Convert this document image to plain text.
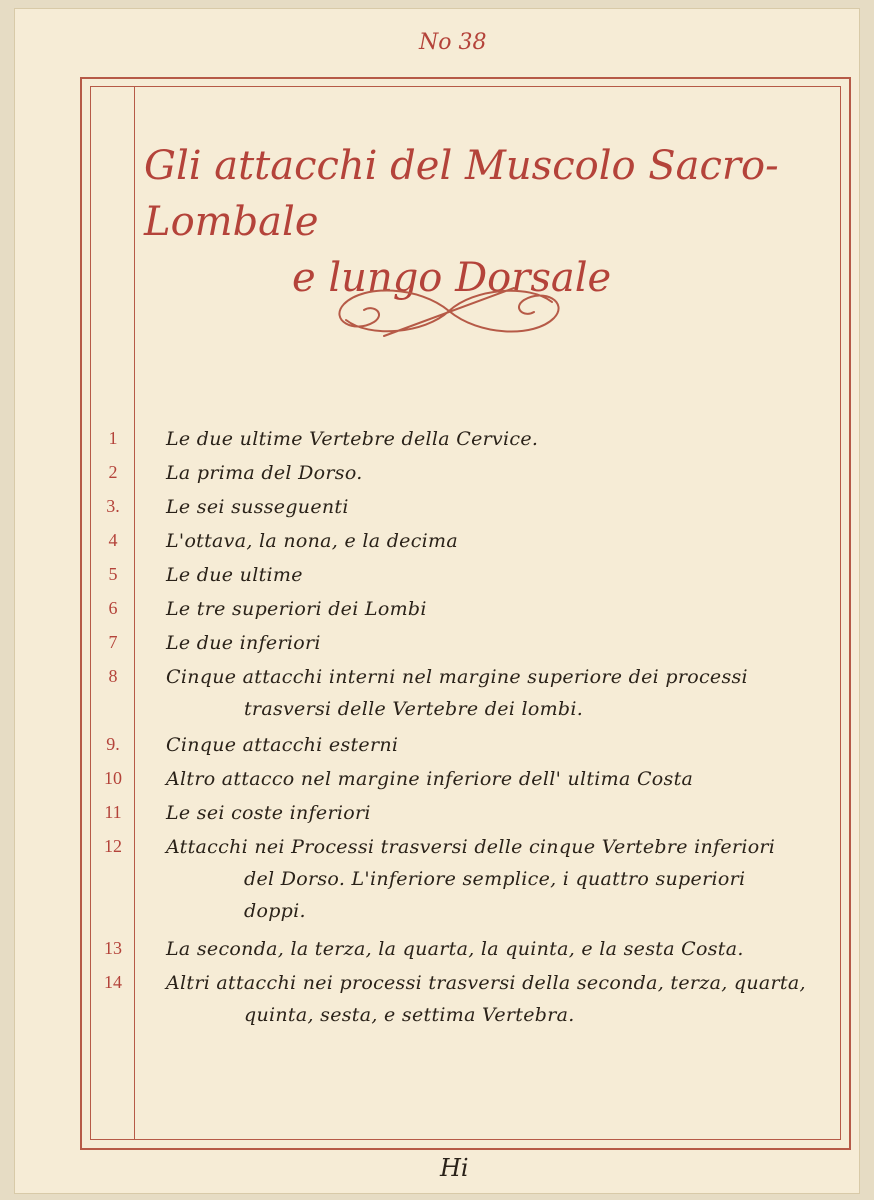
No 38
Gli attacchi del Muscolo Sacro-Lombale
e lungo Dorsale
1	Le due ultime Vertebre della Cervice.
2	La prima del Dorso.
3.	Le sei susseguenti
4	L'ottava, la nona, e la decima
5	Le due ultime
6	Le tre superiori dei Lombi
7	Le due inferiori
8	Cinque attacchi interni nel margine superiore dei processi
trasversi delle Vertebre dei lombi.
9.	Cinque attacchi esterni
10	Altro attacco nel margine inferiore dell' ultima Costa
11	Le sei coste inferiori
12	Attacchi nei Processi trasversi delle cinque Vertebre inferiori
del Dorso. L'inferiore semplice, i quattro superiori
doppi.
13	La seconda, la terza, la quarta, la quinta, e la sesta Costa.
14	Altri attacchi nei processi trasversi della seconda, terza, quarta,
quinta, sesta, e settima Vertebra.
Hi
